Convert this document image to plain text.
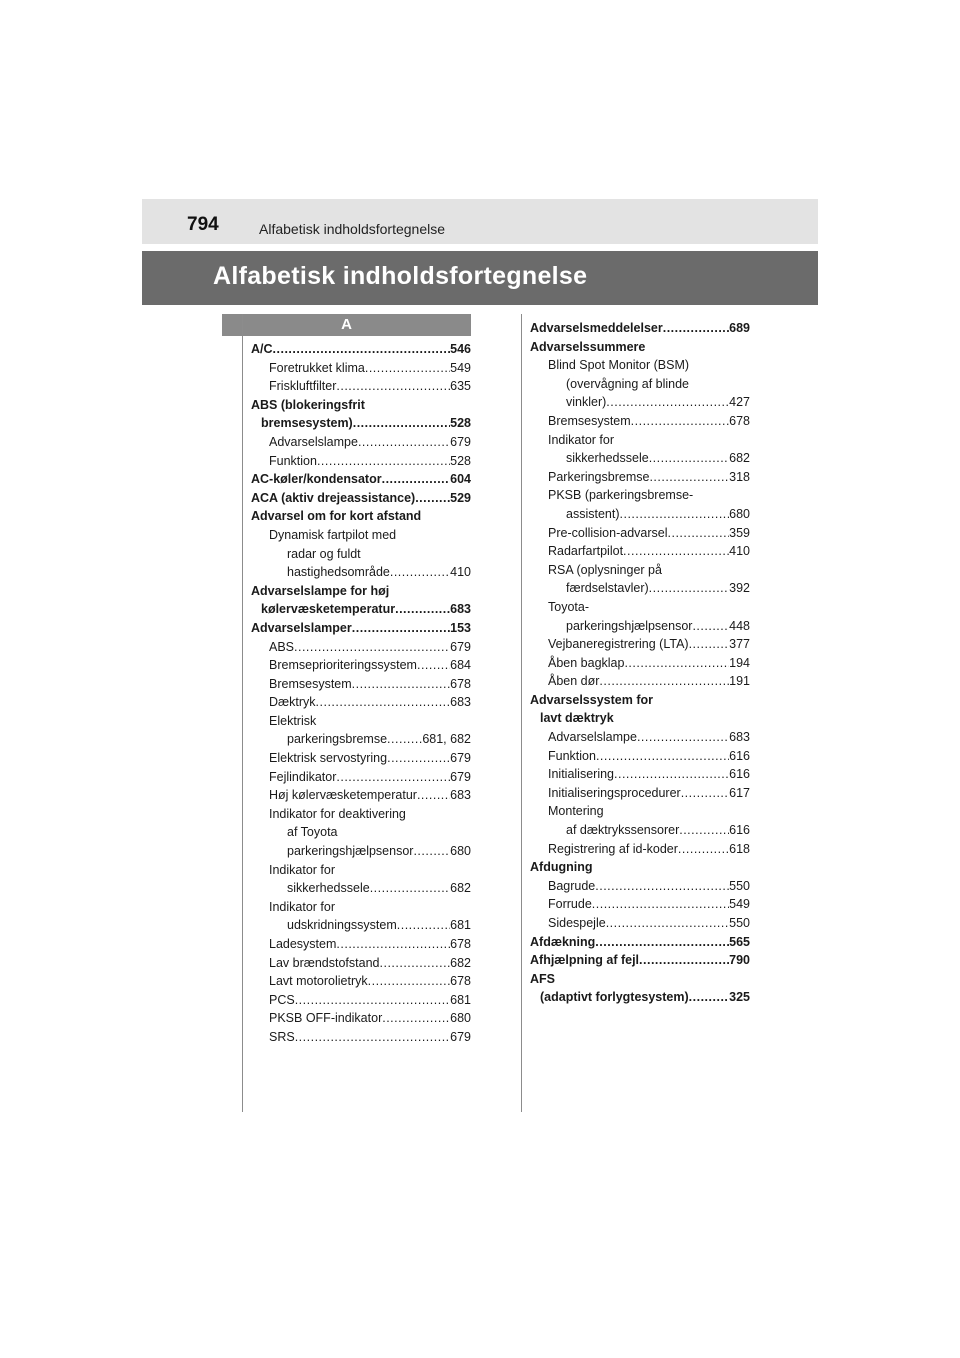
794	Alfabetisk indholdsfortegnelse
Alfabetisk indholdsfortegnelse
A
A/C .....	546
Foretrukket klima .....	549
Friskluftfilter .....	635
ABS (blokeringsfrit
bremsesystem) .....	528
Advarselslampe .....	679
Funktion .....	528
AC-køler/kondensator .....	604
ACA (aktiv drejeassistance) .....	529
Advarsel om for kort afstand
Dynamisk fartpilot med
radar og fuldt
hastighedsområde .....	410
Advarselslampe for høj
kølervæsketemperatur .....	683
Advarselslamper .....	153
ABS .....	679
Bremseprioriteringssystem .....	684
Bremsesystem .....	678
Dæktryk .....	683
Elektrisk
parkeringsbremse .....	681, 682
Elektrisk servostyring .....	679
Fejlindikator .....	679
Høj kølervæsketemperatur .....	683
Indikator for deaktivering
af Toyota
parkeringshjælpsensor .....	680
Indikator for
sikkerhedssele .....	682
Indikator for
udskridningssystem .....	681
Ladesystem .....	678
Lav brændstofstand .....	682
Lavt motorolietryk .....	678
PCS .....	681
PKSB OFF-indikator .....	680
SRS .....	679
Advarselsmeddelelser .....	689
Advarselssummere
Blind Spot Monitor (BSM)
(overvågning af blinde
vinkler) .....	427
Bremsesystem .....	678
Indikator for
sikkerhedssele .....	682
Parkeringsbremse .....	318
PKSB (parkeringsbremse-
assistent) .....	680
Pre-collision-advarsel .....	359
Radarfartpilot .....	410
RSA (oplysninger på
færdselstavler) .....	392
Toyota-
parkeringshjælpsensor .....	448
Vejbaneregistrering (LTA) .....	377
Åben bagklap .....	194
Åben dør .....	191
Advarselssystem for
lavt dæktryk
Advarselslampe .....	683
Funktion .....	616
Initialisering .....	616
Initialiseringsprocedurer .....	617
Montering
af dæktrykssensorer .....	616
Registrering af id-koder .....	618
Afdugning
Bagrude .....	550
Forrude .....	549
Sidespejle .....	550
Afdækning .....	565
Afhjælpning af fejl .....	790
AFS
(adaptivt forlygtesystem) .....	325
